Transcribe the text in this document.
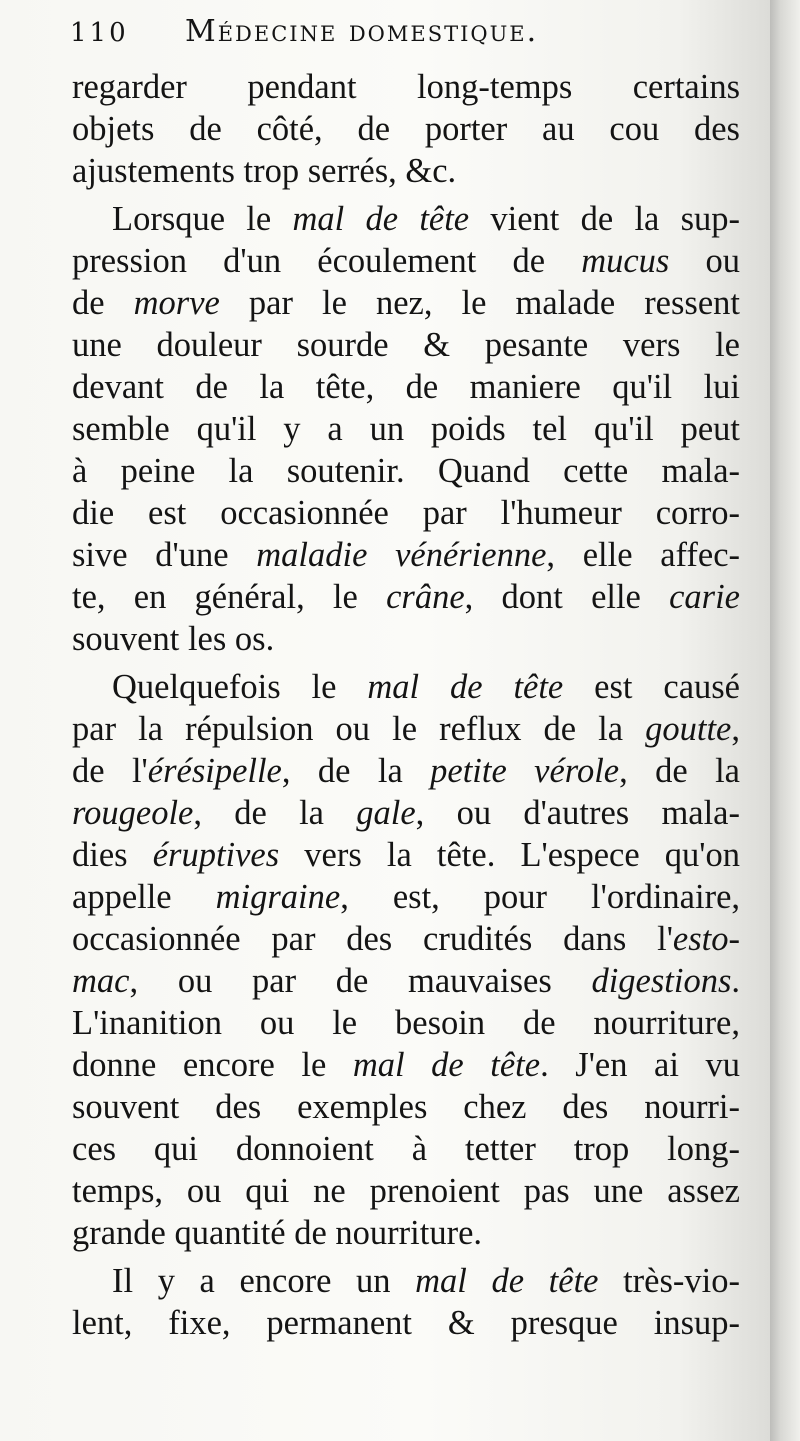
110 Médecine domestique.
regarder pendant long-temps certains
objets de côté, de porter au cou des
ajustements trop serrés, &c.
Lorsque le mal de tête vient de la sup-
pression d'un écoulement de mucus ou
de morve par le nez, le malade ressent
une douleur sourde & pesante vers le
devant de la tête, de maniere qu'il lui
semble qu'il y a un poids tel qu'il peut
à peine la soutenir. Quand cette mala-
die est occasionnée par l'humeur corro-
sive d'une maladie vénérienne, elle affec-
te, en général, le crâne, dont elle carie
souvent les os.
Quelquefois le mal de tête est causé
par la répulsion ou le reflux de la goutte,
de l'érésipelle, de la petite vérole, de la
rougeole, de la gale, ou d'autres mala-
dies éruptives vers la tête. L'espece qu'on
appelle migraine, est, pour l'ordinaire,
occasionnée par des crudités dans l'esto-
mac, ou par de mauvaises digestions.
L'inanition ou le besoin de nourriture,
donne encore le mal de tête. J'en ai vu
souvent des exemples chez des nourri-
ces qui donnoient à tetter trop long-
temps, ou qui ne prenoient pas une assez
grande quantité de nourriture.
Il y a encore un mal de tête très-vio-
lent, fixe, permanent & presque insup-
